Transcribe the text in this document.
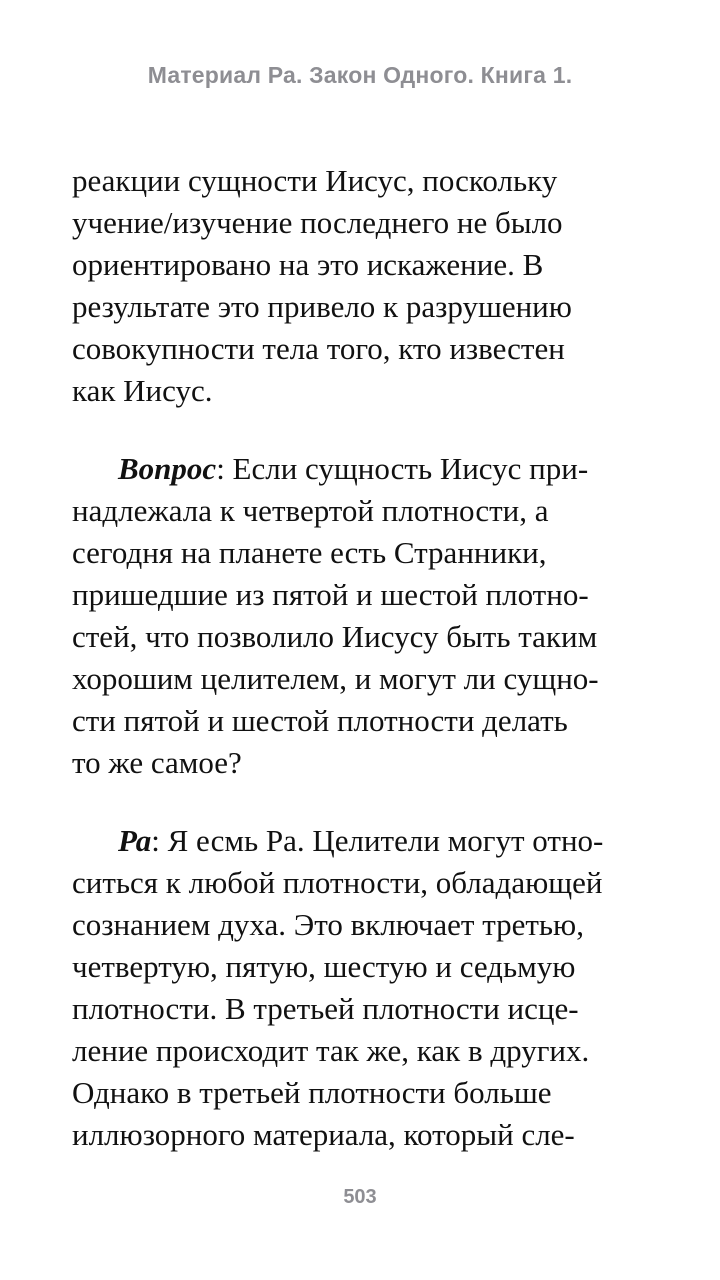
Материал Ра. Закон Одного. Книга 1.
реакции сущности Иисус, поскольку
учение/изучение последнего не было
ориентировано на это искажение. В
результате это привело к разрушению
совокупности тела того, кто известен
как Иисус.
Вопрос: Если сущность Иисус при-
надлежала к четвертой плотности, а
сегодня на планете есть Странники,
пришедшие из пятой и шестой плотно-
стей, что позволило Иисусу быть таким
хорошим целителем, и могут ли сущно-
сти пятой и шестой плотности делать
то же самое?
Ра: Я есмь Ра. Целители могут отно-
ситься к любой плотности, обладающей
сознанием духа. Это включает третью,
четвертую, пятую, шестую и седьмую
плотности. В третьей плотности исце-
ление происходит так же, как в других.
Однако в третьей плотности больше
иллюзорного материала, который сле-
503
